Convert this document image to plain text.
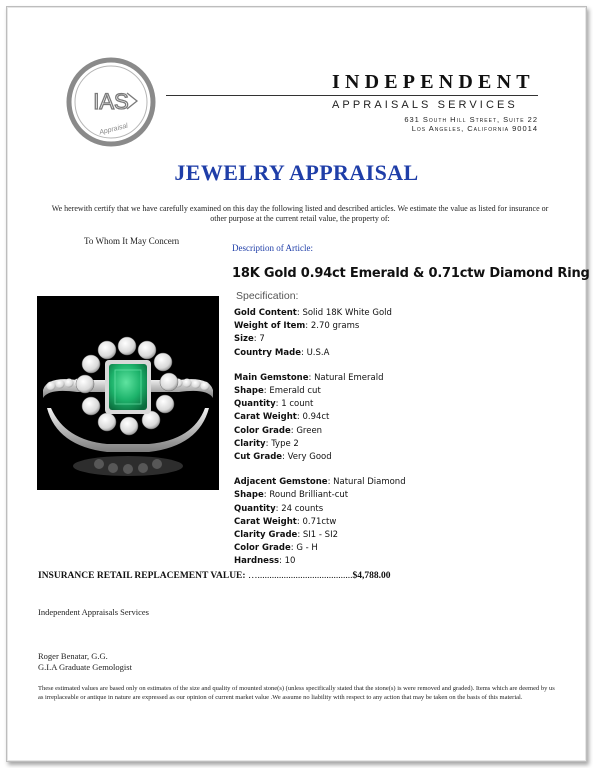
IAS
Appraisal
INDEPENDENT
APPRAISALS SERVICES
631 South Hill Street, Suite 22
Los Angeles, California 90014
JEWELRY APPRAISAL
We herewith certify that we have carefully examined on this day the following listed and described articles. We estimate the value as listed for insurance or other purpose at the current retail value, the property of:
To Whom It May Concern
Description of Article:
18K Gold 0.94ct Emerald & 0.71ctw Diamond Ring
Specification:
Gold Content: Solid 18K White Gold
Weight of Item: 2.70 grams
Size: 7
Country Made: U.S.A
Main Gemstone: Natural Emerald
Shape: Emerald cut
Quantity: 1 count
Carat Weight: 0.94ct
Color Grade: Green
Clarity: Type 2
Cut Grade: Very Good
Adjacent Gemstone: Natural Diamond
Shape: Round Brilliant-cut
Quantity: 24 counts
Carat Weight: 0.71ctw
Clarity Grade: SI1 - SI2
Color Grade: G - H
Hardness: 10
INSURANCE RETAIL REPLACEMENT VALUE: …........................................$4,788.00
Independent Appraisals Services
Roger Benatar, G.G.
G.I.A Graduate Gemologist
These estimated values are based only on estimates of the size and quality of mounted stone(s) (unless specifically stated that the stone(s) is were removed and graded). Items which are deemed by us as irreplaceable or antique in nature are expressed as our opinion of current market value .We assume no liability with respect to any action that may be taken on the basis of this material.
